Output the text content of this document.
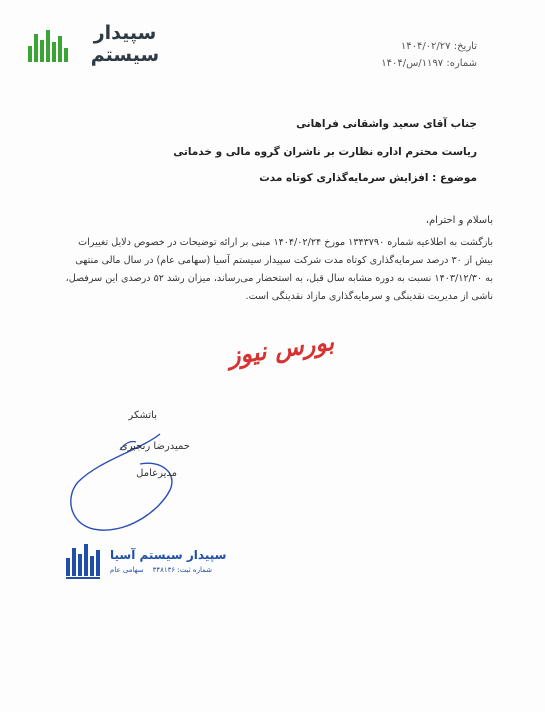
سپیدار
سیستم	تاریخ: ۱۴۰۴/۰۲/۲۷
شماره: ۱۱۹۷/س/۱۴۰۴
جناب آقای سعید واشقانی فراهانی
ریاست محترم اداره نظارت بر ناشران گروه مالی و خدماتی
موضوع : افزایش سرمایه‌گذاری کوتاه مدت
باسلام و احترام،
بازگشت به اطلاعیه شماره ۱۳۴۳۷۹۰ مورخ ۱۴۰۴/۰۲/۲۴ مبنی بر ارائه توضیحات در خصوص دلایل تغییرات
بیش از ۳۰ درصد سرمایه‌گذاری کوتاه مدت شرکت سپیدار سیستم آسیا (سهامی عام) در سال مالی منتهی
به ۱۴۰۳/۱۲/۳۰ نسبت به دوره مشابه سال قبل، به استحضار می‌رساند، میزان رشد ۵۲ درصدی این سرفصل،
ناشی از مدیریت نقدینگی و سرمایه‌گذاری مازاد نقدینگی است.
بورس نیوز
باتشکر
حمیدرضا رنجبری
مدیرعامل
سپیدار سیستم آسیا
شماره ثبت: ۳۴۸۱۳۶    سهامی عام
